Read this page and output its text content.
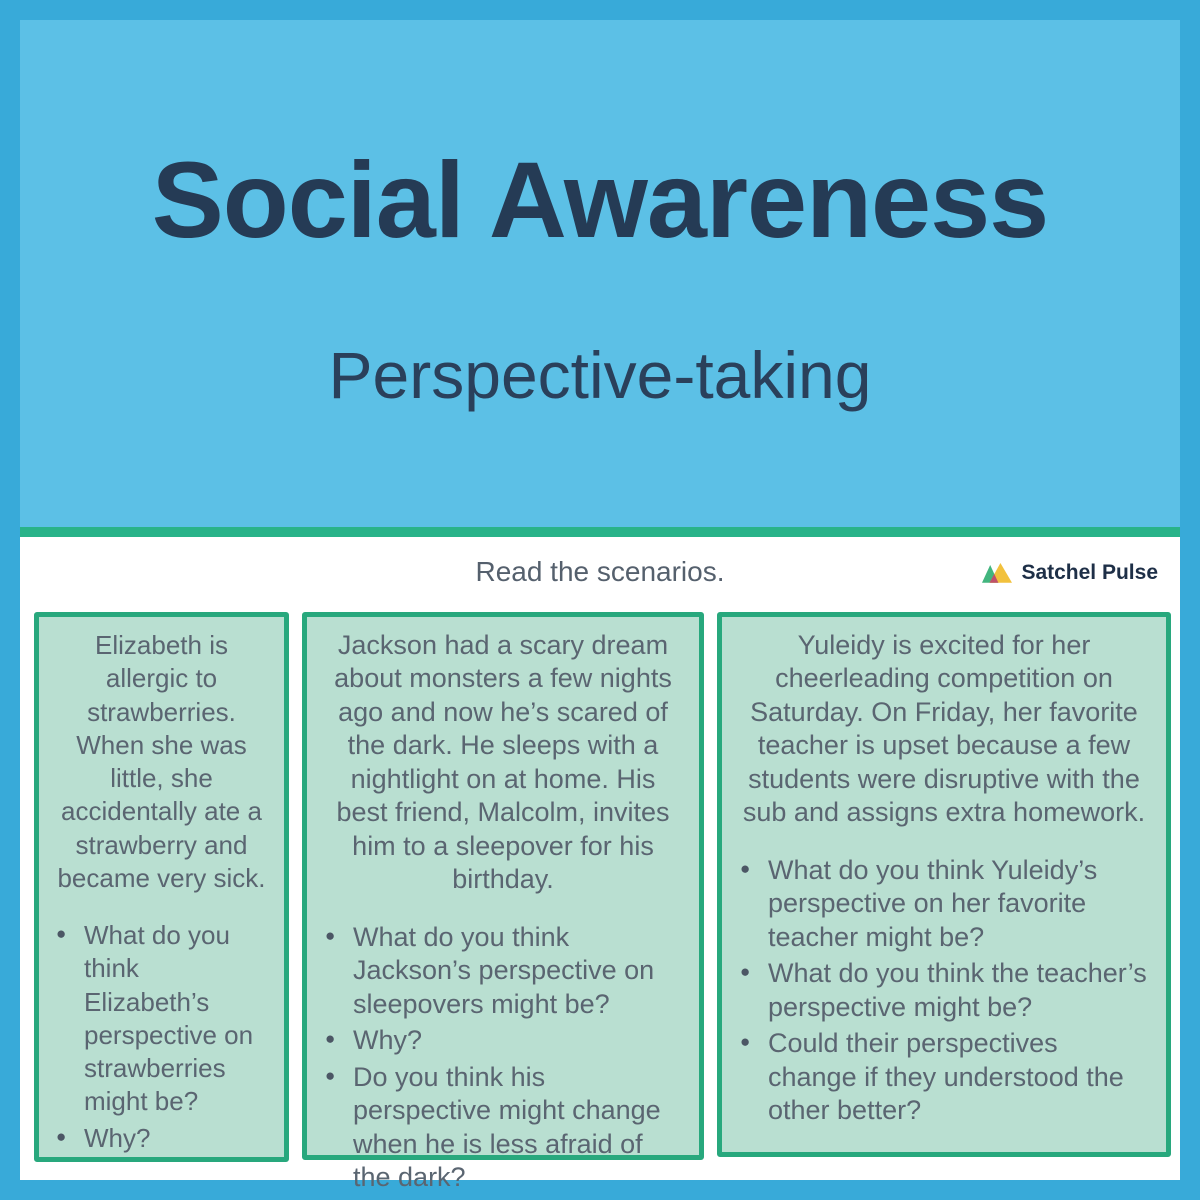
Social Awareness
Perspective-taking
Read the scenarios.	Satchel Pulse

Elizabeth is allergic to strawberries. When she was little, she accidentally ate a strawberry and became very sick.

● What do you think Elizabeth’s perspective on strawberries might be?
● Why?

Jackson had a scary dream about monsters a few nights ago and now he’s scared of the dark. He sleeps with a nightlight on at home. His best friend, Malcolm, invites him to a sleepover for his birthday.

● What do you think Jackson’s perspective on sleepovers might be?
● Why?
● Do you think his perspective might change when he is less afraid of the dark?

Yuleidy is excited for her cheerleading competition on Saturday. On Friday, her favorite teacher is upset because a few students were disruptive with the sub and assigns extra homework.

● What do you think Yuleidy’s perspective on her favorite teacher might be?
● What do you think the teacher’s perspective might be?
● Could their perspectives change if they understood the other better?
